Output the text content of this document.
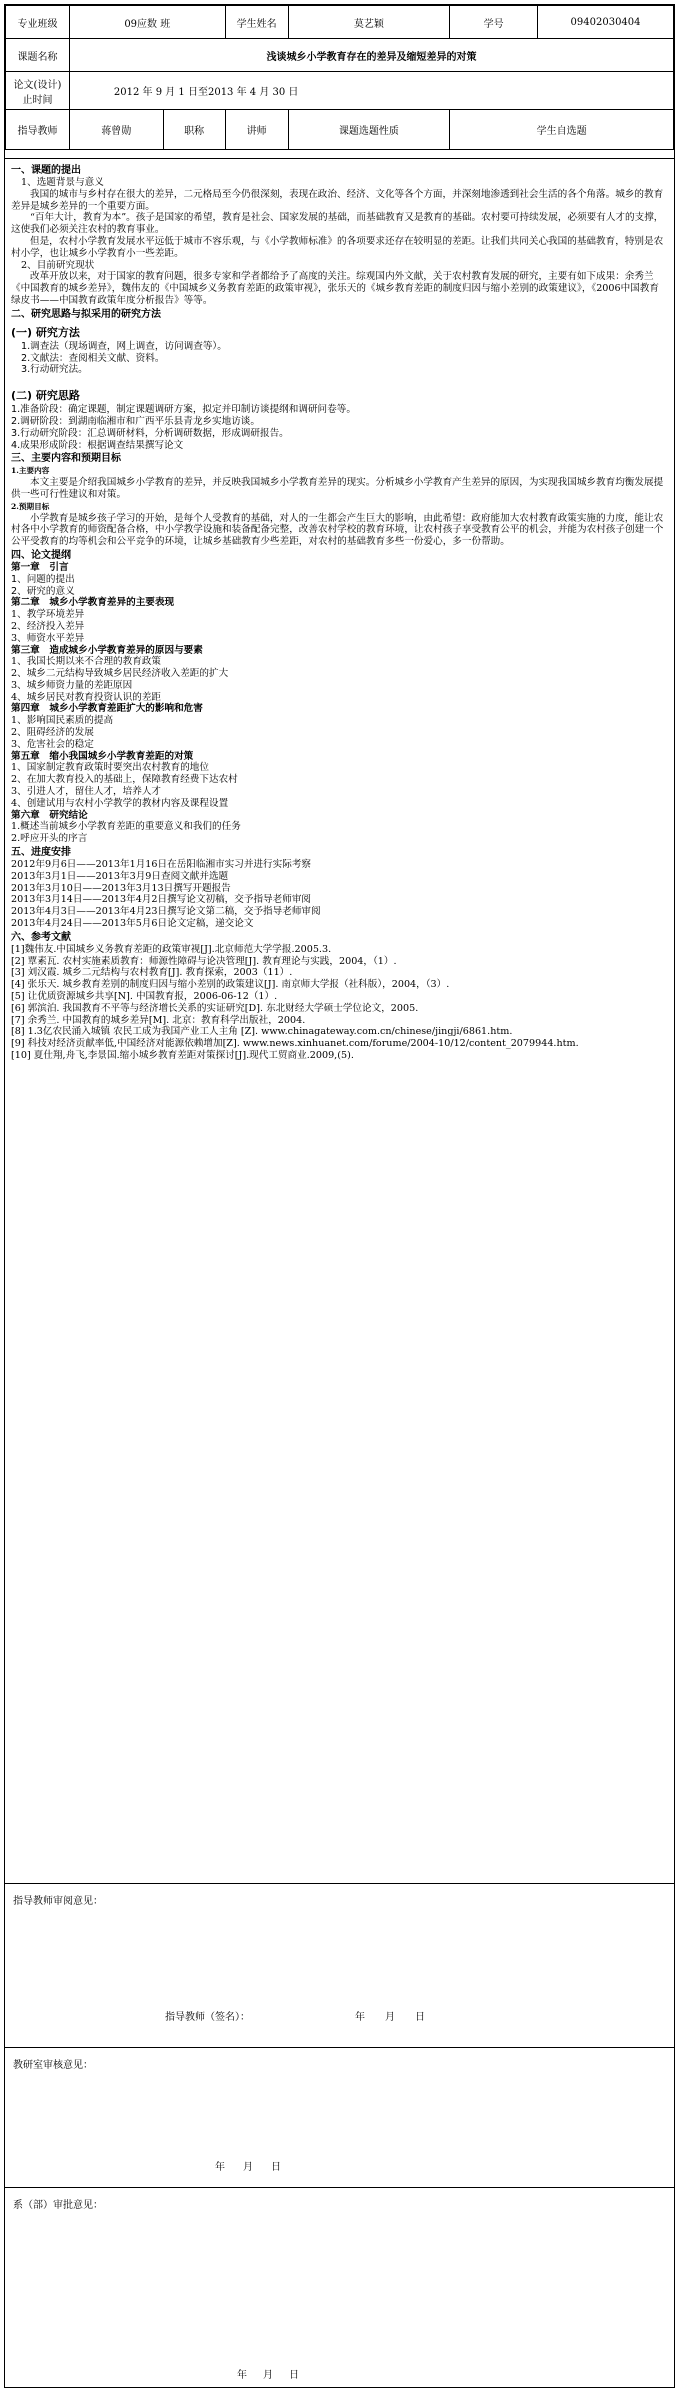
专业班级	09应数 班		学生姓名	莫艺颖	学号	09402030404
课题名称	浅谈城乡小学教育存在的差异及缩短差异的对策					
论文(设计)止时间	2012 年 9 月 1 日至2013 年 4 月 30 日					
指导教师	蒋曾勋	职称	讲师	课题选题性质	学生自选题	

一、课题的提出

1、选题背景与意义

我国的城市与乡村存在很大的差异，二元格局至今仍很深刻，表现在政治、经济、文化等各个方面，并深刻地渗透到社会生活的各个角落。城乡的教育差异是城乡差异的一个重要方面。

“百年大计，教育为本”。孩子是国家的希望，教育是社会、国家发展的基础，而基础教育又是教育的基础。农村要可持续发展，必须要有人才的支撑，这使我们必须关注农村的教育事业。

但是，农村小学教育发展水平远低于城市不容乐观，与《小学教师标准》的各项要求还存在较明显的差距。让我们共同关心我国的基础教育，特别是农村小学，也让城乡小学教育小一些差距。

2、目前研究现状

改革开放以来，对于国家的教育问题，很多专家和学者都给予了高度的关注。综观国内外文献，关于农村教育发展的研究，主要有如下成果：余秀兰《中国教育的城乡差异》，魏伟友的《中国城乡义务教育差距的政策审视》，张乐天的《城乡教育差距的制度归因与缩小差别的政策建议》，《2006中国教育绿皮书——中国教育政策年度分析报告》等等。

二、研究思路与拟采用的研究方法

(一) 研究方法

1.调查法（现场调查，网上调查，访问调查等）。

2.文献法：查阅相关文献、资料。

3.行动研究法。

(二) 研究思路

1.准备阶段：确定课题，制定课题调研方案，拟定并印制访谈提纲和调研问卷等。

2.调研阶段：到湖南临湘市和广西平乐县青龙乡实地访谈。

3.行动研究阶段：汇总调研材料，分析调研数据，形成调研报告。

4.成果形成阶段：根据调查结果撰写论文

三、主要内容和预期目标

1.主要内容

本文主要是介绍我国城乡小学教育的差异，并反映我国城乡小学教育差异的现实。分析城乡小学教育产生差异的原因，为实现我国城乡教育均衡发展提供一些可行性建议和对策。

2.预期目标

小学教育是城乡孩子学习的开始，是每个人受教育的基础，对人的一生都会产生巨大的影响，由此希望：政府能加大农村教育政策实施的力度，能让农村各中小学教育的师资配备合格，中小学教学设施和装备配备完整，改善农村学校的教育环境，让农村孩子享受教育公平的机会，并能为农村孩子创建一个公平受教育的均等机会和公平竞争的环境，让城乡基础教育少些差距，对农村的基础教育多些一份爱心，多一份帮助。

四、论文提纲

第一章　引言

1、问题的提出

2、研究的意义

第二章　城乡小学教育差异的主要表现

1、教学环境差异

2、经济投入差异

3、师资水平差异

第三章　造成城乡小学教育差异的原因与要素

1、我国长期以来不合理的教育政策

2、城乡二元结构导致城乡居民经济收入差距的扩大

3、城乡师资力量的差距原因

4、城乡居民对教育投资认识的差距

第四章　城乡小学教育差距扩大的影响和危害

1、影响国民素质的提高

2、阻碍经济的发展

3、危害社会的稳定

第五章　缩小我国城乡小学教育差距的对策

1、国家制定教育政策时要突出农村教育的地位

2、在加大教育投入的基础上，保障教育经费下达农村

3、引进人才，留住人才，培养人才

4、创建试用与农村小学教学的教材内容及课程设置

第六章　研究结论

1.概述当前城乡小学教育差距的重要意义和我们的任务

2.呼应开头的序言

五、进度安排

2012年9月6日——2013年1月16日在岳阳临湘市实习并进行实际考察

2013年3月1日——2013年3月9日查阅文献并选题

2013年3月10日——2013年3月13日撰写开题报告

2013年3月14日——2013年4月2日撰写论文初稿，交予指导老师审阅

2013年4月3日——2013年4月23日撰写论文第二稿，交予指导老师审阅

2013年4月24日——2013年5月6日论文定稿，递交论文

六、参考文献

[1]魏伟友.中国城乡义务教育差距的政策审视[J].北京师范大学学报.2005.3.

[2] 覃素瓦. 农村实施素质教育：师源性障碍与论决管理[J]. 教育理论与实践，2004，（1）.

[3] 刘汉霞. 城乡二元结构与农村教育[J]. 教育探索，2003（11）.

[4] 张乐天. 城乡教育差别的制度归因与缩小差别的政策建议[J]. 南京师大学报（社科版），2004，（3）.

[5] 让优质资源城乡共享[N]. 中国教育报，2006-06-12（1）.

[6] 郭滨泊. 我国教育不平等与经济增长关系的实证研究[D]. 东北财经大学硕士学位论文，2005.

[7] 余秀兰. 中国教育的城乡差异[M]. 北京：教育科学出版社，2004.

[8] 1.3亿农民涌入城镇 农民工成为我国产业工人主角 [Z]. www.chinagateway.com.cn/chinese/jingji/6861.htm.

[9] 科技对经济贡献率低,中国经济对能源依赖增加[Z]. www.news.xinhuanet.com/forume/2004-10/12/content_2079944.htm.

[10] 夏仕翔,舟飞,李景国.缩小城乡教育差距对策探讨[J].现代工贸商业.2009,(5).

指导教师审阅意见：
指导教师（签名）：	年 月 日
教研室审核意见：
年 月 日
系（部）审批意见：
年 月 日
